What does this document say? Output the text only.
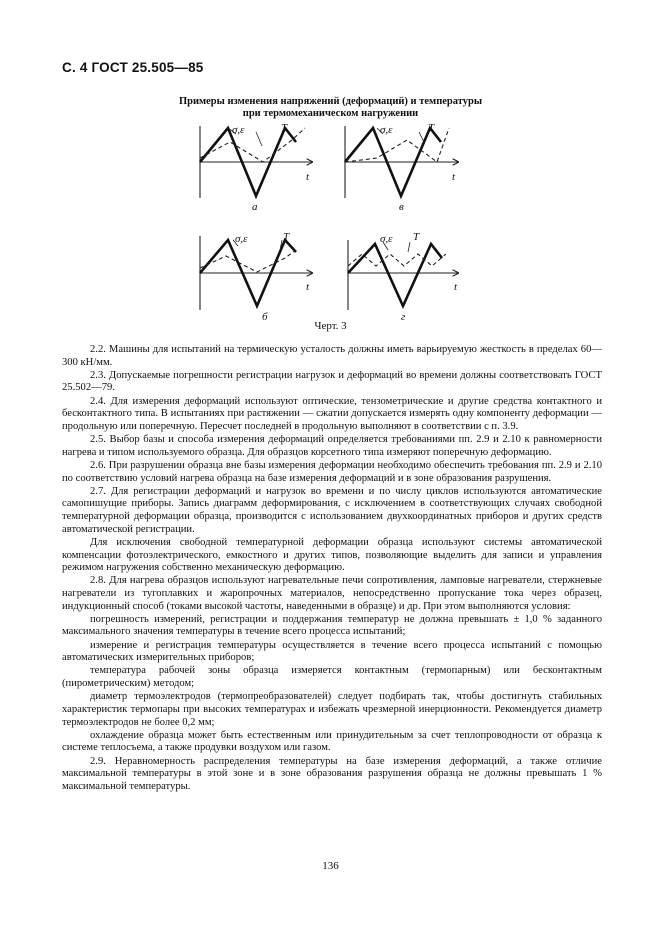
С. 4 ГОСТ 25.505—85
Примеры изменения напряжений (деформаций) и температуры
при термомеханическом нагружении
σ,ε	T
t
а
σ,ε	T
t
в
σ,ε	T
t
б
σ,ε T
t
г
Черт. 3

2.2. Машины для испытаний на термическую усталость должны иметь варьируемую жесткость в пределах 60—300 кН/мм.

2.3. Допускаемые погрешности регистрации нагрузок и деформаций во времени должны соответствовать ГОСТ 25.502—79.

2.4. Для измерения деформаций используют оптические, тензометрические и другие средства контактного и бесконтактного типа. В испытаниях при растяжении — сжатии допускается измерять одну компоненту деформации — продольную или поперечную. Пересчет последней в продольную выполняют в соответствии с п. 3.9.

2.5. Выбор базы и способа измерения деформаций определяется требованиями пп. 2.9 и 2.10 к равномерности нагрева и типом используемого образца. Для образцов корсетного типа измеряют поперечную деформацию.

2.6. При разрушении образца вне базы измерения деформации необходимо обеспечить требования пп. 2.9 и 2.10 по соответствию условий нагрева образца на базе измерения деформаций и в зоне образования разрушения.

2.7. Для регистрации деформаций и нагрузок во времени и по числу циклов используются автоматические самопишущие приборы. Запись диаграмм деформирования, с исключением в соответствующих случаях свободной температурной деформации образца, производится с использованием двухкоординатных приборов и других средств автоматической регистрации.

Для исключения свободной температурной деформации образца используют системы автоматической компенсации фотоэлектрического, емкостного и других типов, позволяющие выделить для записи и управления режимом нагружения собственно механическую деформацию.

2.8. Для нагрева образцов используют нагревательные печи сопротивления, ламповые нагреватели, стержневые нагреватели из тугоплавких и жаропрочных материалов, непосредственно пропускание тока через образец, индукционный способ (токами высокой частоты, наведенными в образце) и др. При этом выполняются условия:

погрешность измерений, регистрации и поддержания температур не должна превышать ± 1,0 % заданного максимального значения температуры в течение всего процесса испытаний;

измерение и регистрация температуры осуществляется в течение всего процесса испытаний с помощью автоматических измерительных приборов;

температура рабочей зоны образца измеряется контактным (термопарным) или бесконтактным (пирометрическим) методом;

диаметр термоэлектродов (термопреобразователей) следует подбирать так, чтобы достигнуть стабильных характеристик термопары при высоких температурах и избежать чрезмерной инерционности. Рекомендуется диаметр термоэлектродов не более 0,2 мм;

охлаждение образца может быть естественным или принудительным за счет теплопроводности от образца к системе теплосъема, а также продувки воздухом или газом.

2.9. Неравномерность распределения температуры на базе измерения деформаций, а также отличие максимальной температуры в этой зоне и в зоне образования разрушения образца не должны превышать 1 % максимальной температуры.

136
